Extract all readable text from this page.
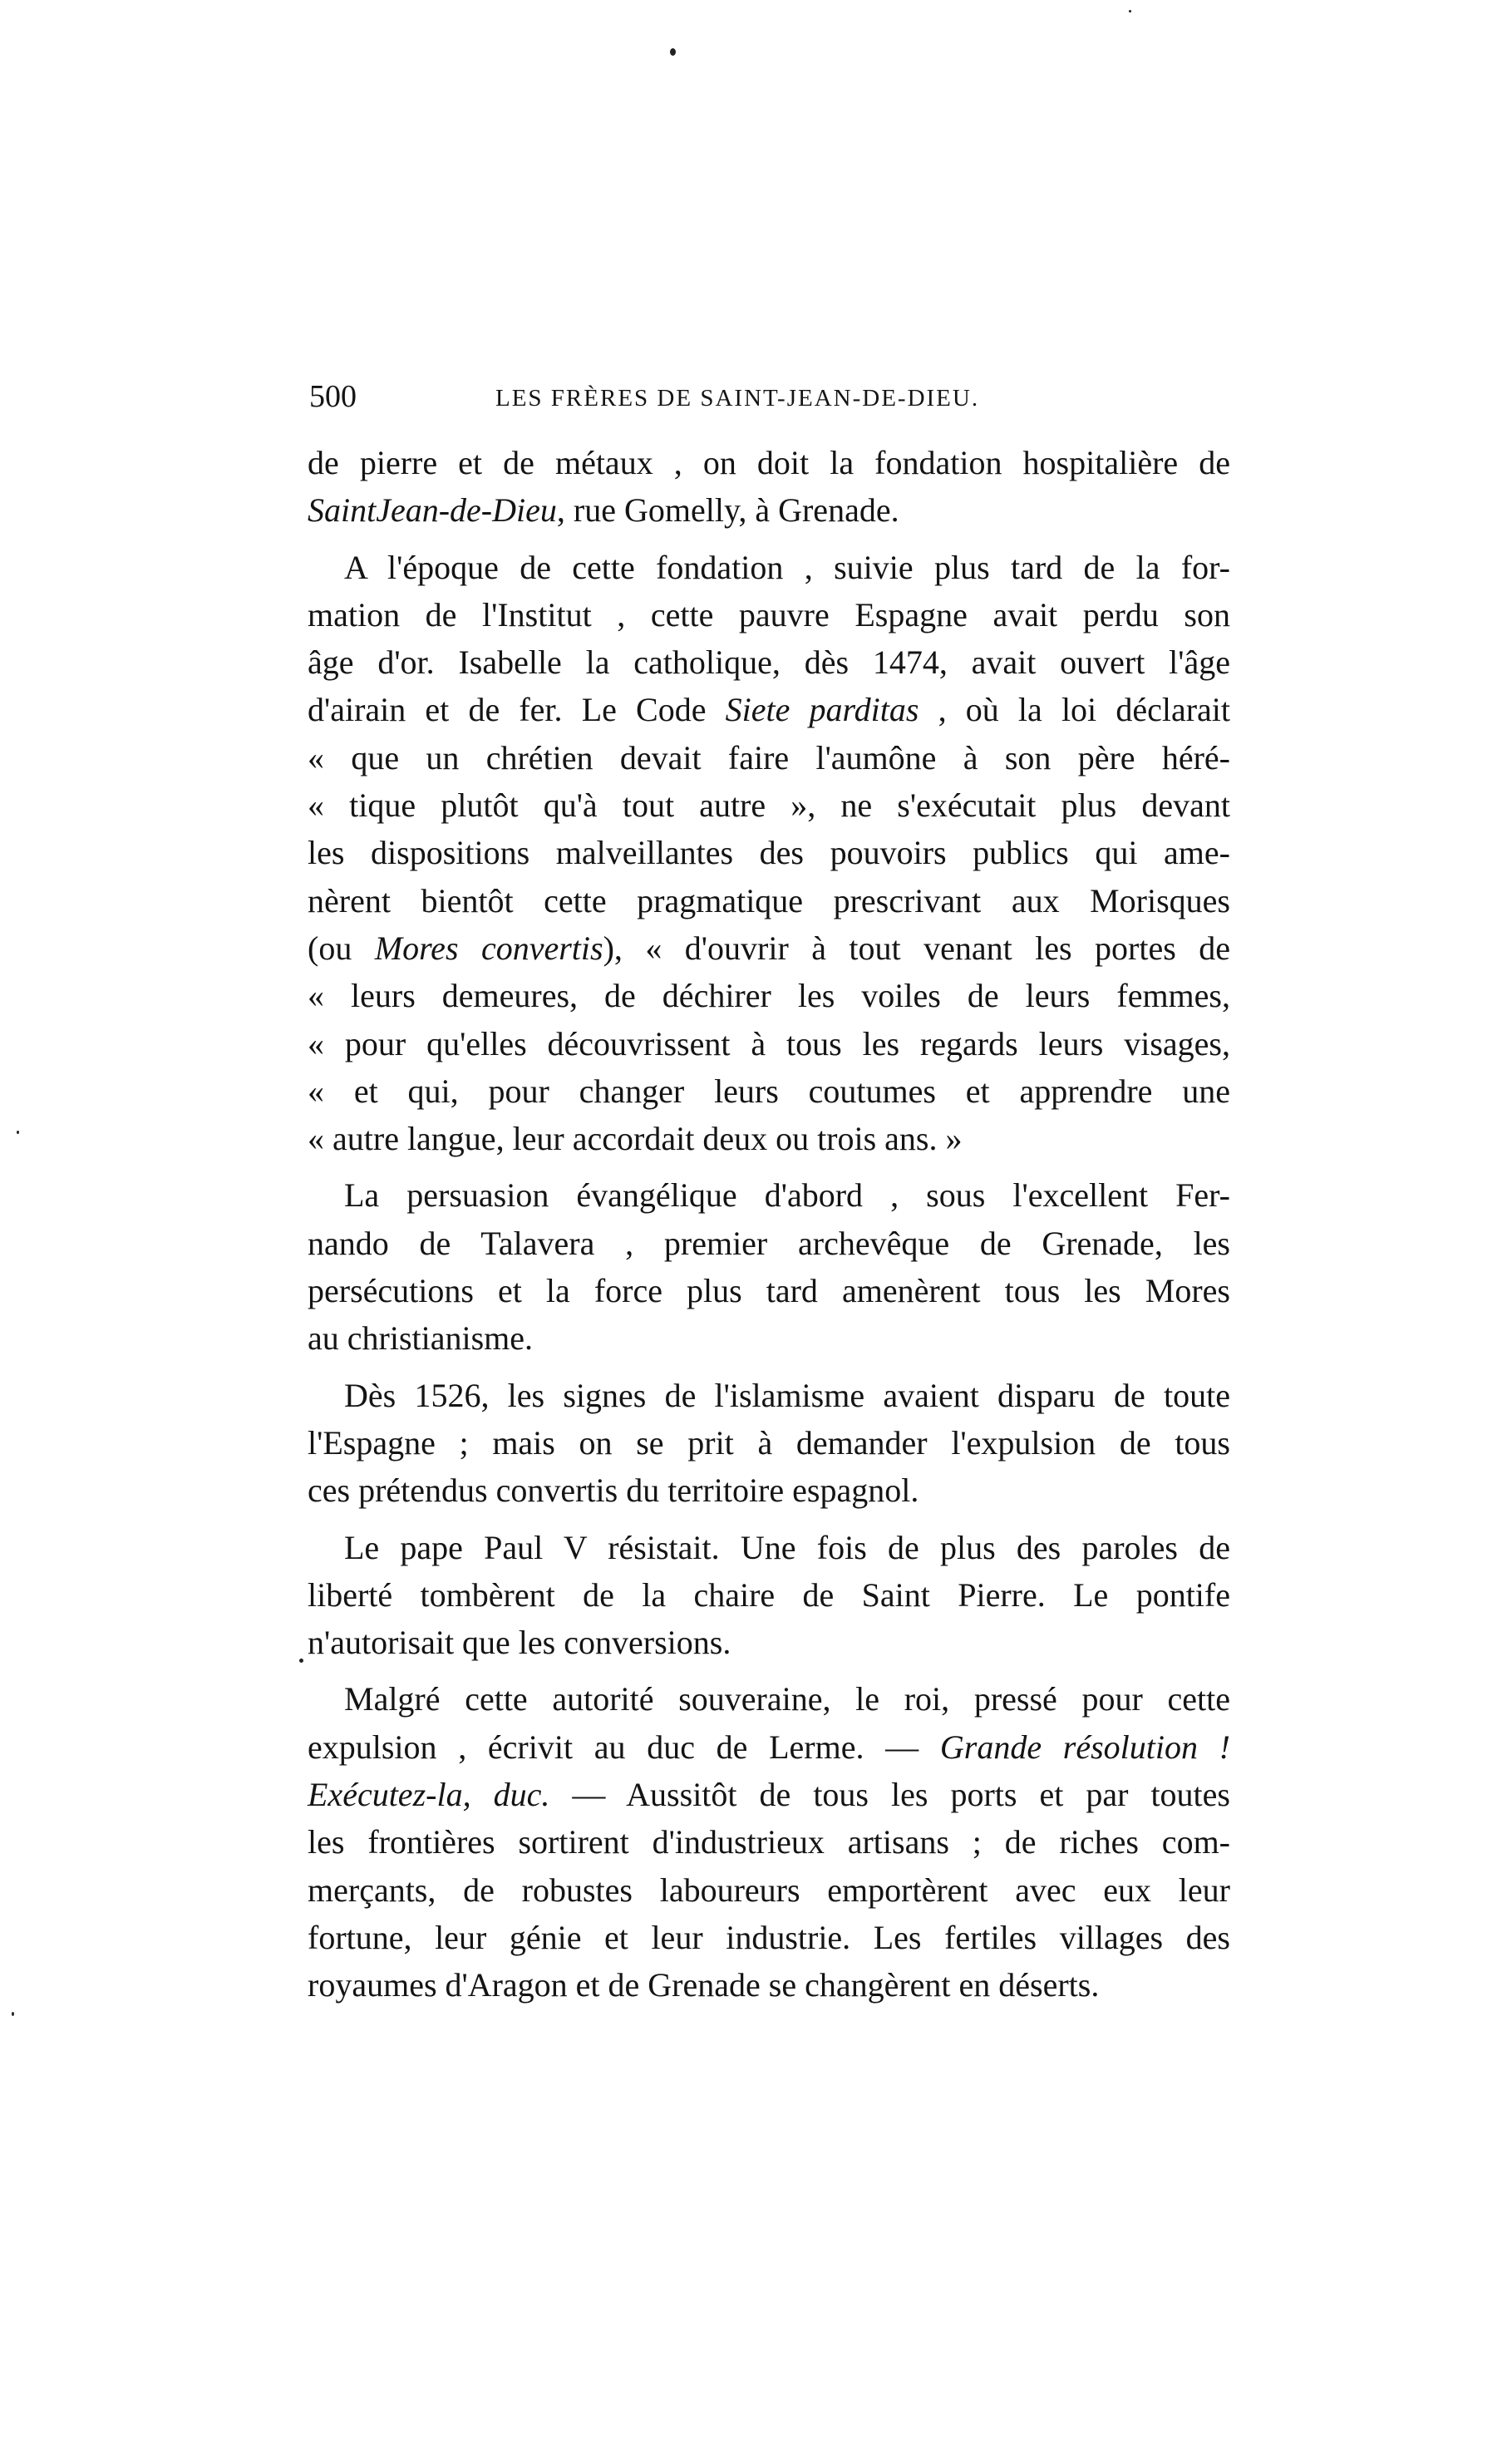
500	LES FRÈRES DE SAINT-JEAN-DE-DIEU.
de pierre et de métaux , on doit la fondation hospitalière de
SaintJean-de-Dieu, rue Gomelly, à Grenade.
A l'époque de cette fondation , suivie plus tard de la for-
mation de l'Institut , cette pauvre Espagne avait perdu son
âge d'or. Isabelle la catholique, dès 1474, avait ouvert l'âge
d'airain et de fer. Le Code Siete parditas , où la loi déclarait
« que un chrétien devait faire l'aumône à son père héré-
« tique plutôt qu'à tout autre », ne s'exécutait plus devant
les dispositions malveillantes des pouvoirs publics qui ame-
nèrent bientôt cette pragmatique prescrivant aux Morisques
(ou Mores convertis), « d'ouvrir à tout venant les portes de
« leurs demeures, de déchirer les voiles de leurs femmes,
« pour qu'elles découvrissent à tous les regards leurs visages,
« et qui, pour changer leurs coutumes et apprendre une
« autre langue, leur accordait deux ou trois ans. »
La persuasion évangélique d'abord , sous l'excellent Fer-
nando de Talavera , premier archevêque de Grenade, les
persécutions et la force plus tard amenèrent tous les Mores
au christianisme.
Dès 1526, les signes de l'islamisme avaient disparu de toute
l'Espagne ; mais on se prit à demander l'expulsion de tous
ces prétendus convertis du territoire espagnol.
Le pape Paul V résistait. Une fois de plus des paroles de
liberté tombèrent de la chaire de Saint Pierre. Le pontife
n'autorisait que les conversions.
Malgré cette autorité souveraine, le roi, pressé pour cette
expulsion , écrivit au duc de Lerme. — Grande résolution !
Exécutez-la, duc. — Aussitôt de tous les ports et par toutes
les frontières sortirent d'industrieux artisans ; de riches com-
merçants, de robustes laboureurs emportèrent avec eux leur
fortune, leur génie et leur industrie. Les fertiles villages des
royaumes d'Aragon et de Grenade se changèrent en déserts.
